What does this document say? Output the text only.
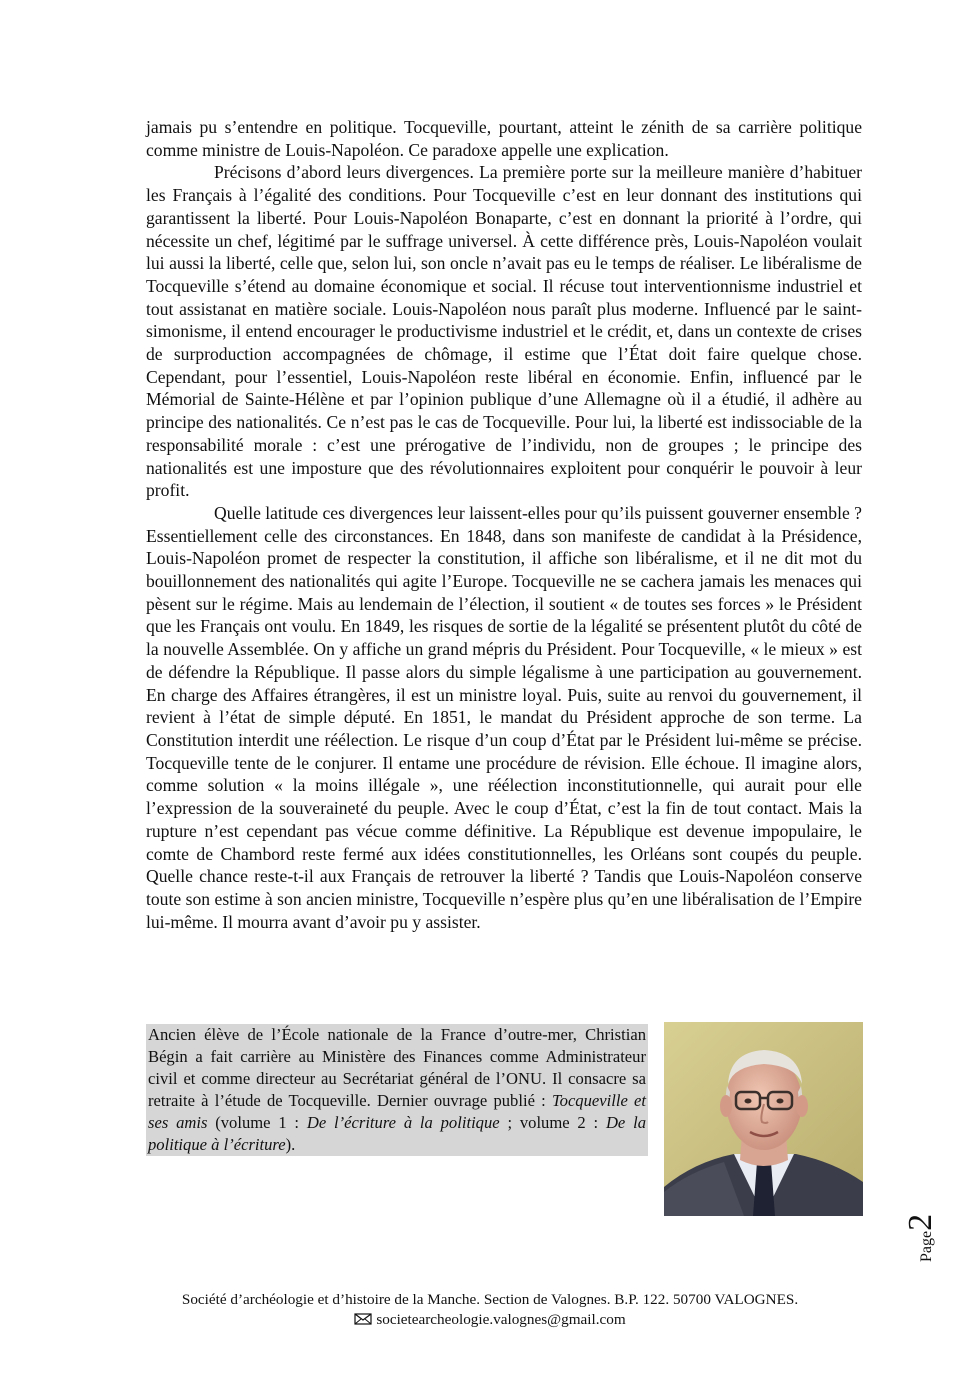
jamais pu s’entendre en politique. Tocqueville, pourtant, atteint le zénith de sa carrière politique comme ministre de Louis-Napoléon. Ce paradoxe appelle une explication.

Précisons d’abord leurs divergences. La première porte sur la meilleure manière d’habituer les Français à l’égalité des conditions. Pour Tocqueville c’est en leur donnant des institutions qui garantissent la liberté. Pour Louis-Napoléon Bonaparte, c’est en donnant la priorité à l’ordre, qui nécessite un chef, légitimé par le suffrage universel. À cette différence près, Louis-Napoléon voulait lui aussi la liberté, celle que, selon lui, son oncle n’avait pas eu le temps de réaliser. Le libéralisme de Tocqueville s’étend au domaine économique et social. Il récuse tout interventionnisme industriel et tout assistanat en matière sociale. Louis-Napoléon nous paraît plus moderne. Influencé par le saint-simonisme, il entend encourager le productivisme industriel et le crédit, et, dans un contexte de crises de surproduction accompagnées de chômage, il estime que l’État doit faire quelque chose. Cependant, pour l’essentiel, Louis-Napoléon reste libéral en économie. Enfin, influencé par le Mémorial de Sainte-Hélène et par l’opinion publique d’une Allemagne où il a étudié, il adhère au principe des nationalités. Ce n’est pas le cas de Tocqueville. Pour lui, la liberté est indissociable de la responsabilité morale : c’est une prérogative de l’individu, non de groupes ; le principe des nationalités est une imposture que des révolutionnaires exploitent pour conquérir le pouvoir à leur profit.

Quelle latitude ces divergences leur laissent-elles pour qu’ils puissent gouverner ensemble ? Essentiellement celle des circonstances. En 1848, dans son manifeste de candidat à la Présidence, Louis-Napoléon promet de respecter la constitution, il affiche son libéralisme, et il ne dit mot du bouillonnement des nationalités qui agite l’Europe. Tocqueville ne se cachera jamais les menaces qui pèsent sur le régime. Mais au lendemain de l’élection, il soutient « de toutes ses forces » le Président que les Français ont voulu. En 1849, les risques de sortie de la légalité se présentent plutôt du côté de la nouvelle Assemblée. On y affiche un grand mépris du Président. Pour Tocqueville, « le mieux » est de défendre la République. Il passe alors du simple légalisme à une participation au gouvernement. En charge des Affaires étrangères, il est un ministre loyal. Puis, suite au renvoi du gouvernement, il revient à l’état de simple député. En 1851, le mandat du Président approche de son terme. La Constitution interdit une réélection. Le risque d’un coup d’État par le Président lui-même se précise. Tocqueville tente de le conjurer. Il entame une procédure de révision. Elle échoue. Il imagine alors, comme solution « la moins illégale », une réélection inconstitutionnelle, qui aurait pour elle l’expression de la souveraineté du peuple. Avec le coup d’État, c’est la fin de tout contact. Mais la rupture n’est cependant pas vécue comme définitive. La République est devenue impopulaire, le comte de Chambord reste fermé aux idées constitutionnelles, les Orléans sont coupés du peuple. Quelle chance reste-t-il aux Français de retrouver la liberté ? Tandis que Louis-Napoléon conserve toute son estime à son ancien ministre, Tocqueville n’espère plus qu’en une libéralisation de l’Empire lui-même. Il mourra avant d’avoir pu y assister.

Ancien élève de l’École nationale de la France d’outre-mer, Christian Bégin a fait carrière au Ministère des Finances comme Administrateur civil et comme directeur au Secrétariat général de l’ONU. Il consacre sa retraite à l’étude de Tocqueville. Dernier ouvrage publié : Tocqueville et ses amis (volume 1 : De l’écriture à la politique ; volume 2 : De la politique à l’écriture).

Page2
Société d’archéologie et d’histoire de la Manche. Section de Valognes. B.P. 122. 50700 VALOGNES.
societearcheologie.valognes@gmail.com
